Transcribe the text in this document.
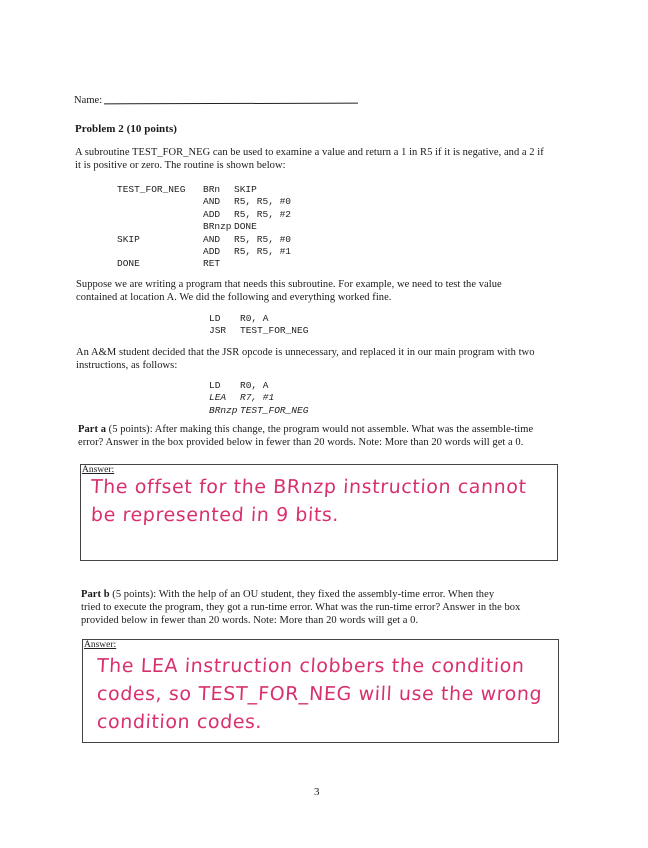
Name:
Problem 2 (10 points)
A subroutine TEST_FOR_NEG can be used to examine a value and return a 1 in R5 if it is negative, and a 2 if
it is positive or zero. The routine is shown below:
TEST_FOR_NEG	BRn	SKIP
	AND	R5, R5, #0
	ADD	R5, R5, #2
	BRnzp	DONE
SKIP	AND	R5, R5, #0
	ADD	R5, R5, #1
DONE	RET	
Suppose we are writing a program that needs this subroutine. For example, we need to test the value
contained at location A. We did the following and everything worked fine.
LD	R0, A
JSR	TEST_FOR_NEG
An A&M student decided that the JSR opcode is unnecessary, and replaced it in our main program with two
instructions, as follows:
LD	R0, A
LEA	R7, #1
BRnzp	TEST_FOR_NEG
Part a (5 points): After making this change, the program would not assemble. What was the assemble-time
error? Answer in the box provided below in fewer than 20 words. Note: More than 20 words will get a 0.
Answer:
The offset for the BRnzp instruction cannot
be represented in 9 bits.
Part b (5 points): With the help of an OU student, they fixed the assembly-time error. When they
tried to execute the program, they got a run-time error. What was the run-time error? Answer in the box
provided below in fewer than 20 words. Note: More than 20 words will get a 0.
Answer:
The LEA instruction clobbers the condition
codes, so TEST_FOR_NEG will use the wrong
condition codes.
3
